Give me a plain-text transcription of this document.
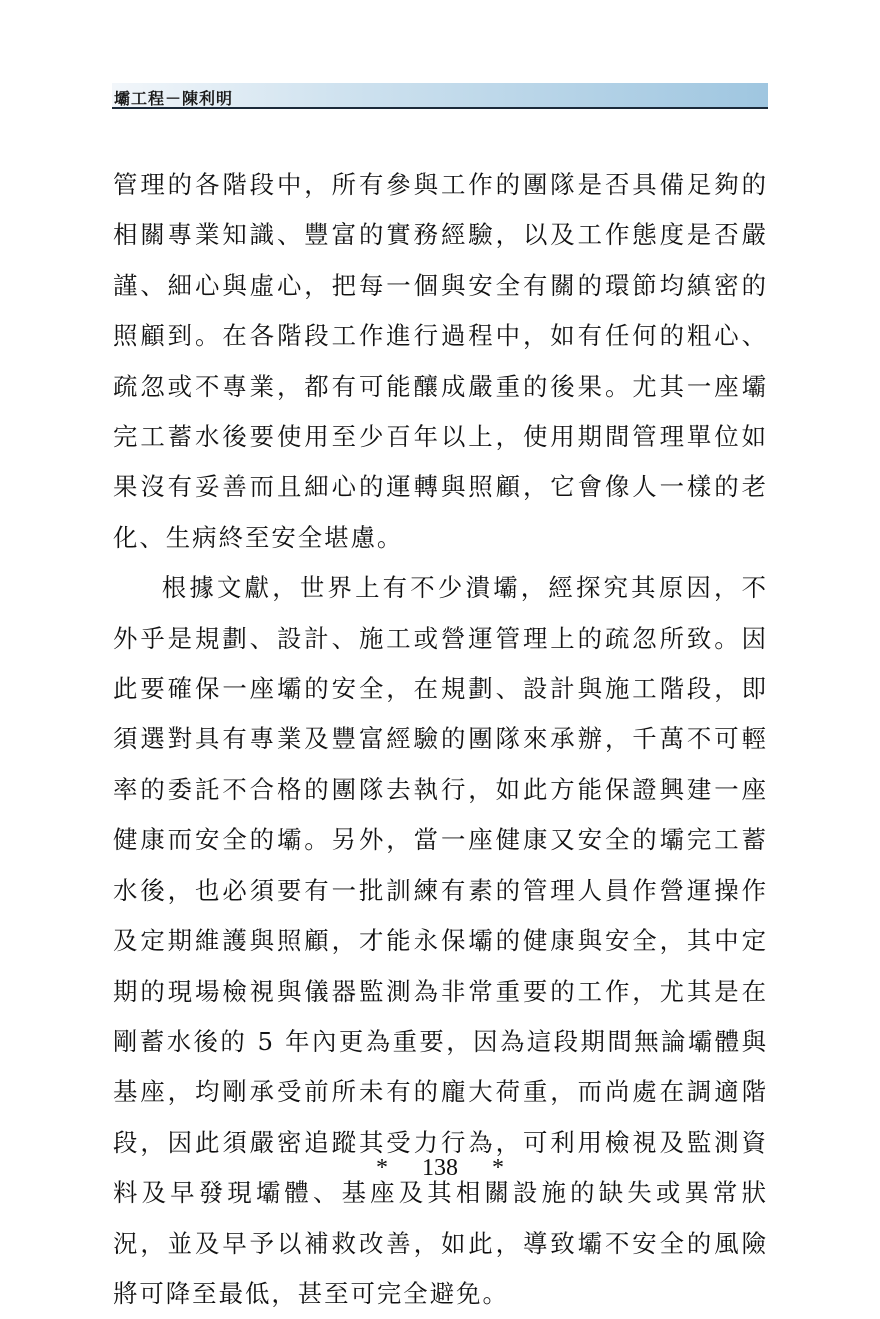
壩工程－陳利明

管理的各階段中，所有參與工作的團隊是否具備足夠的相關專業知識、豐富的實務經驗，以及工作態度是否嚴謹、細心與虛心，把每一個與安全有關的環節均縝密的照顧到。在各階段工作進行過程中，如有任何的粗心、疏忽或不專業，都有可能釀成嚴重的後果。尤其一座壩完工蓄水後要使用至少百年以上，使用期間管理單位如果沒有妥善而且細心的運轉與照顧，它會像人一樣的老化、生病終至安全堪慮。

根據文獻，世界上有不少潰壩，經探究其原因，不外乎是規劃、設計、施工或營運管理上的疏忽所致。因此要確保一座壩的安全，在規劃、設計與施工階段，即須選對具有專業及豐富經驗的團隊來承辦，千萬不可輕率的委託不合格的團隊去執行，如此方能保證興建一座健康而安全的壩。另外，當一座健康又安全的壩完工蓄水後，也必須要有一批訓練有素的管理人員作營運操作及定期維護與照顧，才能永保壩的健康與安全，其中定期的現場檢視與儀器監測為非常重要的工作，尤其是在剛蓄水後的 5 年內更為重要，因為這段期間無論壩體與基座，均剛承受前所未有的龐大荷重，而尚處在調適階段，因此須嚴密追蹤其受力行為，可利用檢視及監測資料及早發現壩體、基座及其相關設施的缺失或異常狀況，並及早予以補救改善，如此，導致壩不安全的風險將可降至最低，甚至可完全避免。

* 138 *
